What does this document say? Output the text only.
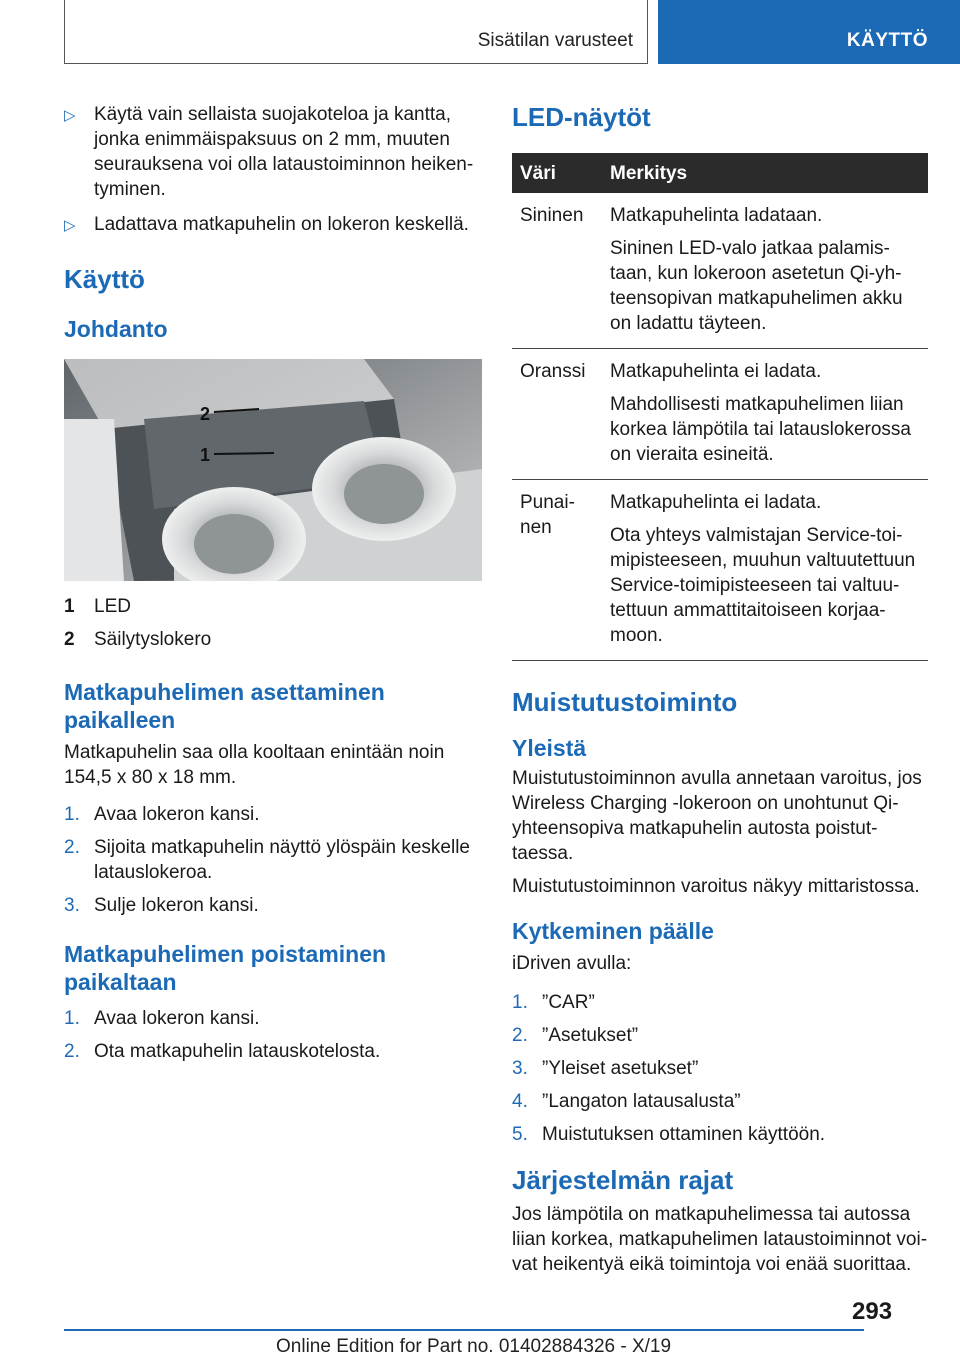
Sisätilan varusteet	KÄYTTÖ
▷ Käytä vain sellaista suojakoteloa ja kantta, jonka enimmäispaksuus on 2 mm, muuten seurauksena voi olla lataustoiminnon heiken-tyminen.
▷ Ladattava matkapuhelin on lokeron keskellä.
Käyttö
Johdanto
2
1
1	LED
2	Säilytyslokero
Matkapuhelimen asettaminen paikalleen

Matkapuhelin saa olla kooltaan enintään noin 154,5 x 80 x 18 mm.

1. Avaa lokeron kansi.
2. Sijoita matkapuhelin näyttö ylöspäin keskelle latauslokeroa.
3. Sulje lokeron kansi.
Matkapuhelimen poistaminen paikaltaan
1. Avaa lokeron kansi.
2. Ota matkapuhelin latauskotelosta.
LED-näytöt
Väri	Merkitys
Sininen	Matkapuhelinta ladataan.

Sininen LED-valo jatkaa palamis-taan, kun lokeroon asetetun Qi-yh-teensopivan matkapuhelimen akku on ladattu täyteen.

Oranssi	Matkapuhelinta ei ladata.

Mahdollisesti matkapuhelimen liian korkea lämpötila tai latauslokerossa on vieraita esineitä.

Punai-nen	Matkapuhelinta ei ladata.

Ota yhteys valmistajan Service-toi-mipisteeseen, muuhun valtuutettuun Service-toimipisteeseen tai valtuu-tettuun ammattitaitoiseen korjaa-moon.

Muistutustoiminto
Yleistä

Muistutustoiminnon avulla annetaan varoitus, jos Wireless Charging -lokeroon on unohtunut Qi-yhteensopiva matkapuhelin autosta poistut-taessa.

Muistutustoiminnon varoitus näkyy mittaristossa.

Kytkeminen päälle

iDriven avulla:

1. ”CAR”
2. ”Asetukset”
3. ”Yleiset asetukset”
4. ”Langaton latausalusta”
5. Muistutuksen ottaminen käyttöön.
Järjestelmän rajat

Jos lämpötila on matkapuhelimessa tai autossa liian korkea, matkapuhelimen lataustoiminnot voi-vat heikentyä eikä toimintoja voi enää suorittaa.

293
Online Edition for Part no. 01402884326 - X/19
